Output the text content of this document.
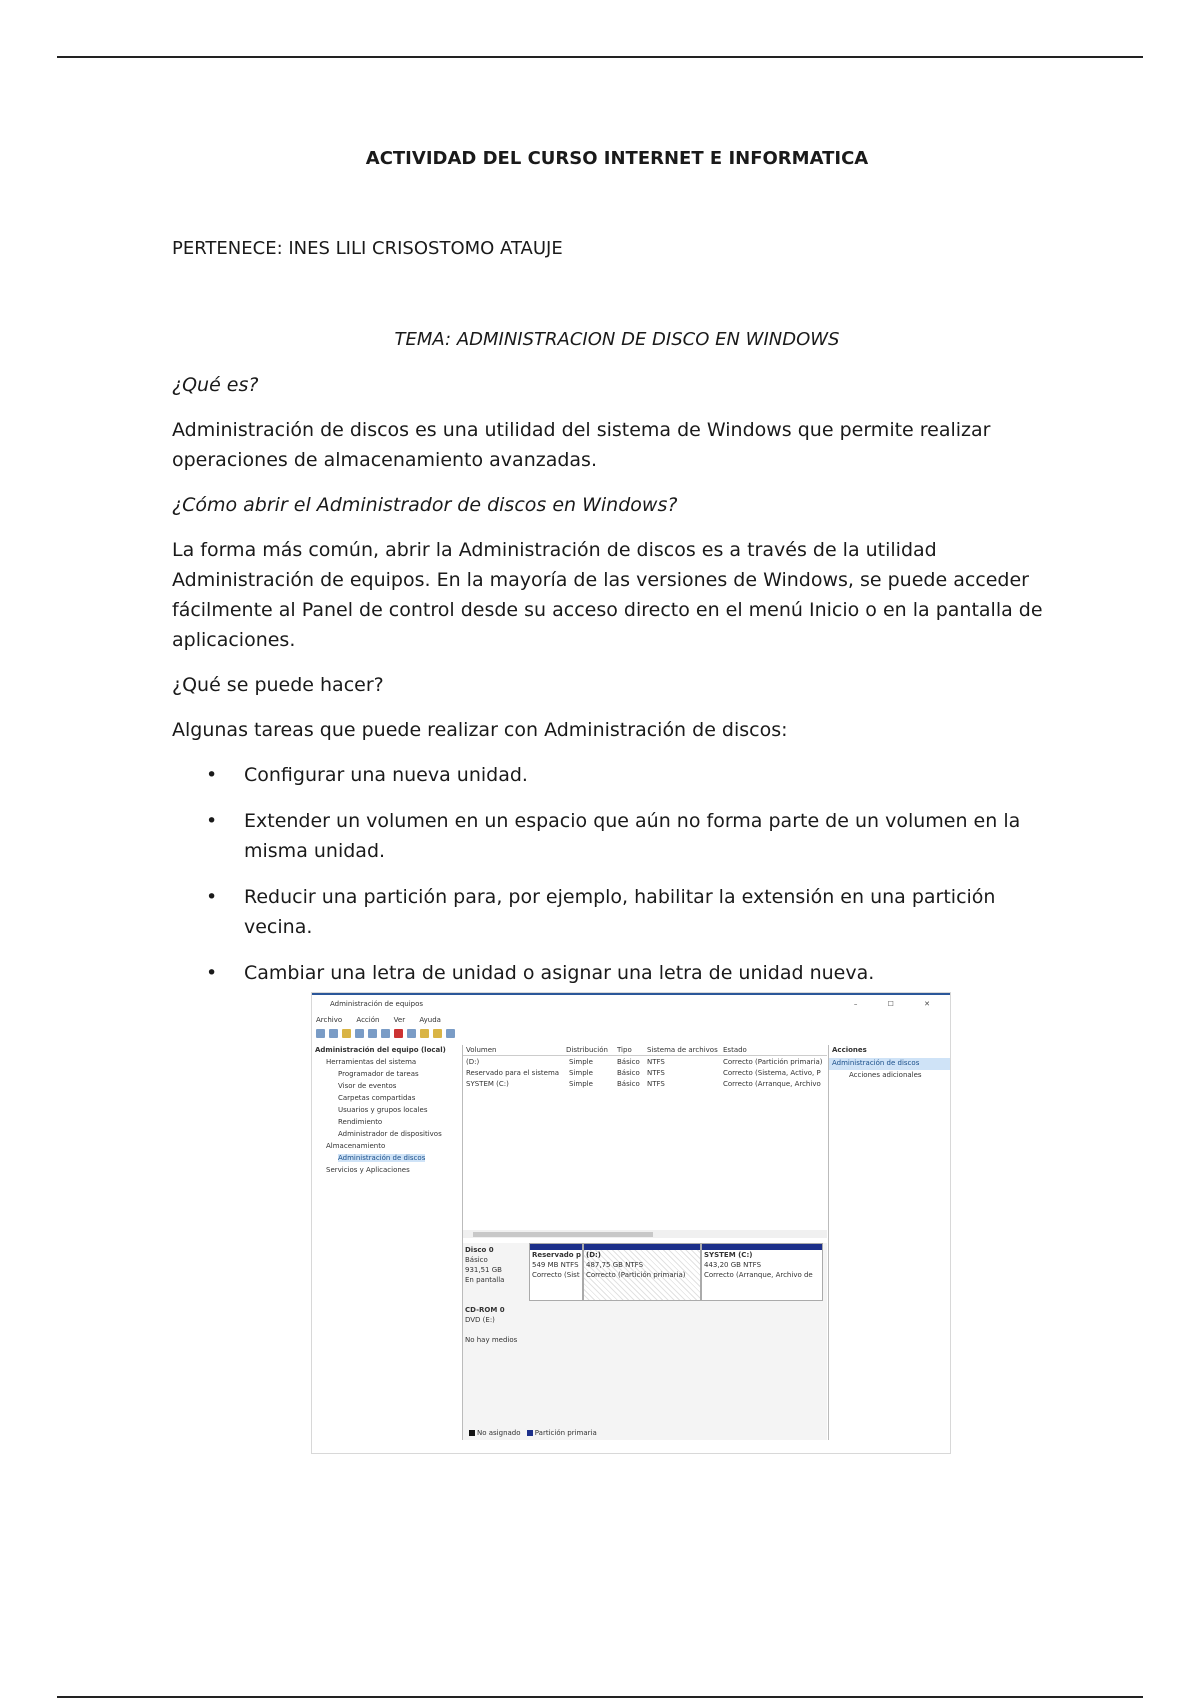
ACTIVIDAD DEL CURSO INTERNET E INFORMATICA
PERTENECE: INES LILI CRISOSTOMO ATAUJE
TEMA: ADMINISTRACION DE DISCO EN WINDOWS

¿Qué es?

Administración de discos es una utilidad del sistema de Windows que permite realizar operaciones de almacenamiento avanzadas.

¿Cómo abrir el Administrador de discos en Windows?

La forma más común, abrir la Administración de discos es a través de la utilidad Administración de equipos. En la mayoría de las versiones de Windows, se puede acceder fácilmente al Panel de control desde su acceso directo en el menú Inicio o en la pantalla de aplicaciones.

¿Qué se puede hacer?

Algunas tareas que puede realizar con Administración de discos:

• Configurar una nueva unidad.
• Extender un volumen en un espacio que aún no forma parte de un volumen en la misma unidad.
• Reducir una partición para, por ejemplo, habilitar la extensión en una partición vecina.
• Cambiar una letra de unidad o asignar una letra de unidad nueva.
Administración de equipos	– ☐ ✕
Archivo Acción Ver Ayuda
Administración del equipo (local)
Herramientas del sistema
Programador de tareas
Visor de eventos
Carpetas compartidas
Usuarios y grupos locales
Rendimiento
Administrador de dispositivos
Almacenamiento
Administración de discos
Servicios y Aplicaciones
Volumen	Distribución Tipo Sistema de archivos Estado
(D:)	Simple	Básico NTFS	Correcto (Partición primaria)
Reservado para el sistema Simple	Básico NTFS	Correcto (Sistema, Activo, P
SYSTEM (C:)	Simple	Básico NTFS	Correcto (Arranque, Archivo
Disco 0
Básico
931,51 GB
En pantalla
Reservado p
549 MB NTFS
Correcto (Sist
(D:)
487,75 GB NTFS
Correcto (Partición primaria)
SYSTEM (C:)
443,20 GB NTFS
Correcto (Arranque, Archivo de
CD-ROM 0
DVD (E:)
No hay medios
No asignado Partición primaria
Acciones
Administración de discos
Acciones adicionales
